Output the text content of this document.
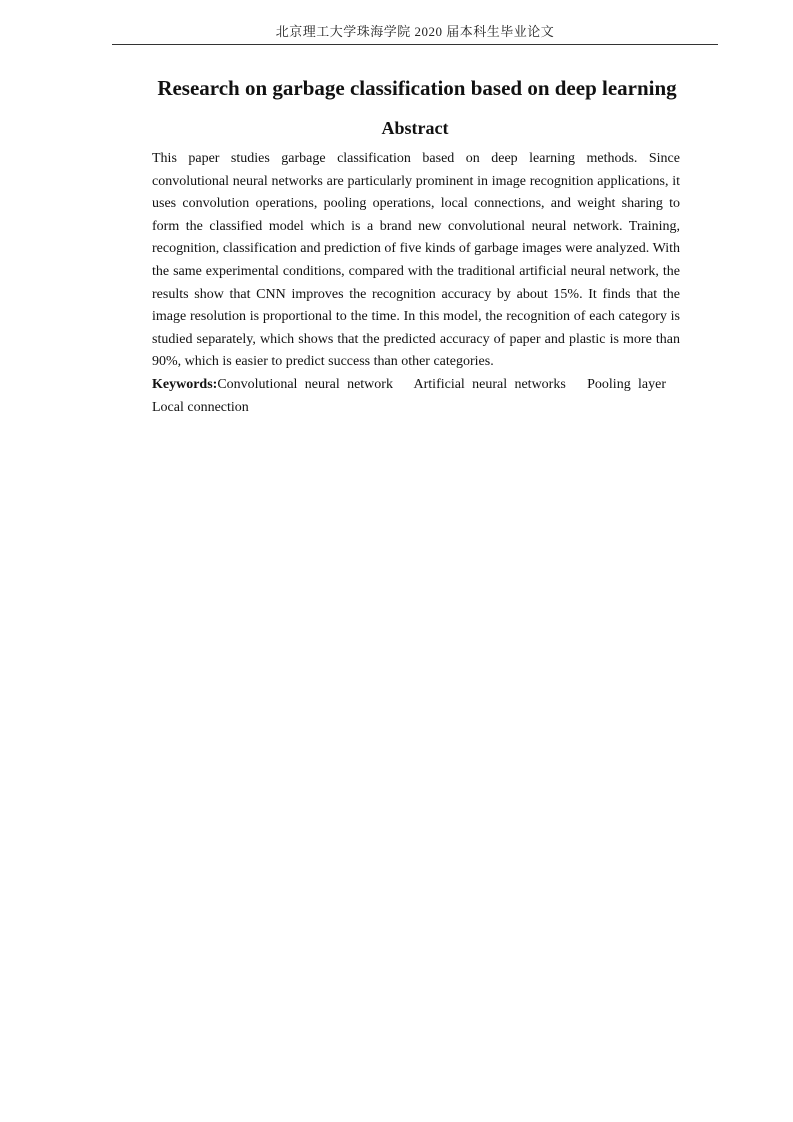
北京理工大学珠海学院 2020 届本科生毕业论文
Research on garbage classification based on deep learning
Abstract

This paper studies garbage classification based on deep learning methods. Since convolutional neural networks are particularly prominent in image recognition applications, it uses convolution operations, pooling operations, local connections, and weight sharing to form the classified model which is a brand new convolutional neural network. Training, recognition, classification and prediction of five kinds of garbage images were analyzed. With the same experimental conditions, compared with the traditional artificial neural network, the results show that CNN improves the recognition accuracy by about 15%. It finds that the image resolution is proportional to the time. In this model, the recognition of each category is studied separately, which shows that the predicted accuracy of paper and plastic is more than 90%, which is easier to predict success than other categories.

Keywords:Convolutional neural network Artificial neural networks Pooling layer Local connection
